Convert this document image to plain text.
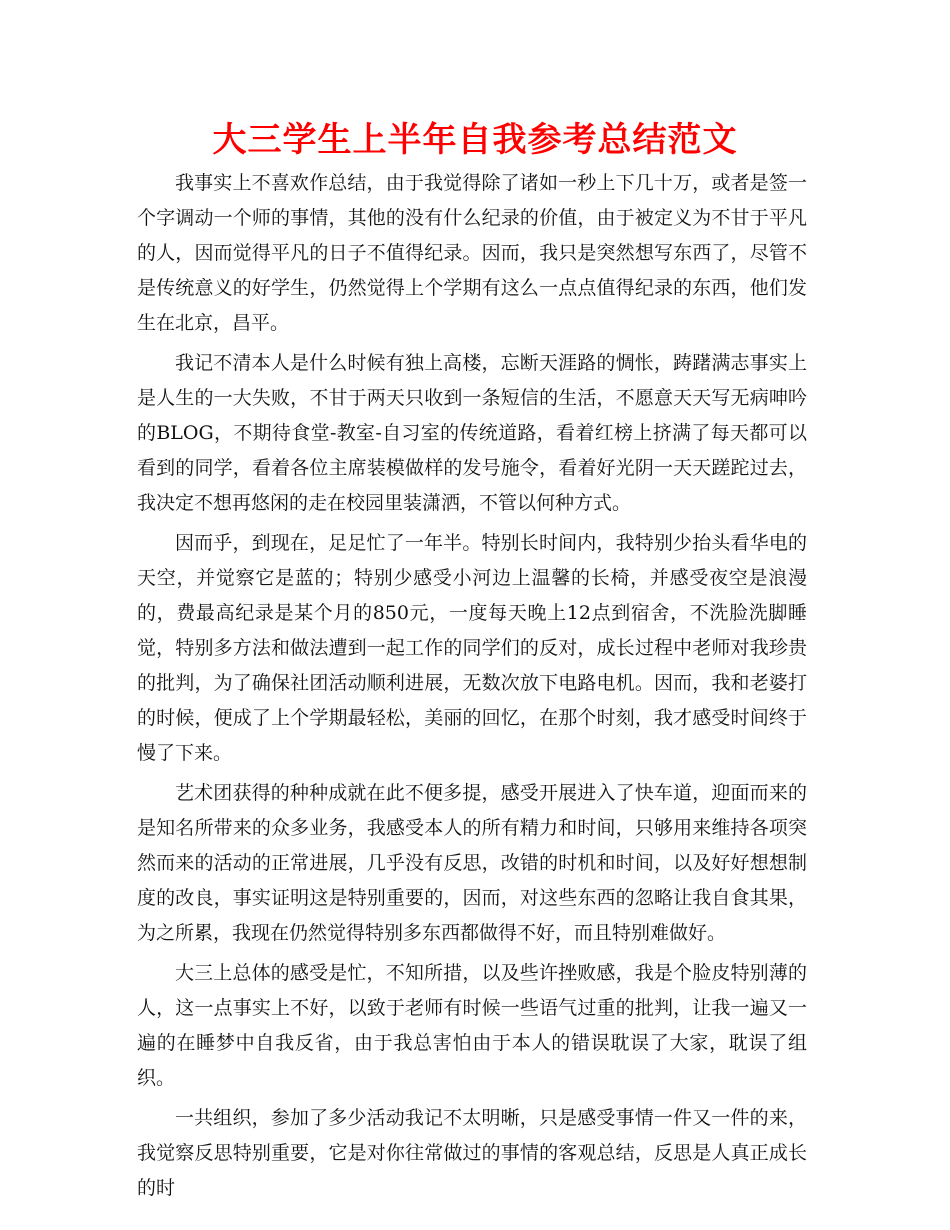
大三学生上半年自我参考总结范文

我事实上不喜欢作总结，由于我觉得除了诸如一秒上下几十万，或者是签一个字调动一个师的事情，其他的没有什么纪录的价值，由于被定义为不甘于平凡的人，因而觉得平凡的日子不值得纪录。因而，我只是突然想写东西了，尽管不是传统意义的好学生，仍然觉得上个学期有这么一点点值得纪录的东西，他们发生在北京，昌平。

我记不清本人是什么时候有独上高楼，忘断天涯路的惆怅，踌躇满志事实上是人生的一大失败，不甘于两天只收到一条短信的生活，不愿意天天写无病呻吟的BLOG，不期待食堂-教室-自习室的传统道路，看着红榜上挤满了每天都可以看到的同学，看着各位主席装模做样的发号施令，看着好光阴一天天蹉跎过去，我决定不想再悠闲的走在校园里装潇洒，不管以何种方式。

因而乎，到现在，足足忙了一年半。特别长时间内，我特别少抬头看华电的天空，并觉察它是蓝的；特别少感受小河边上温馨的长椅，并感受夜空是浪漫的，费最高纪录是某个月的850元，一度每天晚上12点到宿舍，不洗脸洗脚睡觉，特别多方法和做法遭到一起工作的同学们的反对，成长过程中老师对我珍贵的批判，为了确保社团活动顺利进展，无数次放下电路电机。因而，我和老婆打的时候，便成了上个学期最轻松，美丽的回忆，在那个时刻，我才感受时间终于慢了下来。

艺术团获得的种种成就在此不便多提，感受开展进入了快车道，迎面而来的是知名所带来的众多业务，我感受本人的所有精力和时间，只够用来维持各项突然而来的活动的正常进展，几乎没有反思，改错的时机和时间，以及好好想想制度的改良，事实证明这是特别重要的，因而，对这些东西的忽略让我自食其果，为之所累，我现在仍然觉得特别多东西都做得不好，而且特别难做好。

大三上总体的感受是忙，不知所措，以及些许挫败感，我是个脸皮特别薄的人，这一点事实上不好，以致于老师有时候一些语气过重的批判，让我一遍又一遍的在睡梦中自我反省，由于我总害怕由于本人的错误耽误了大家，耽误了组织。

一共组织，参加了多少活动我记不太明晰，只是感受事情一件又一件的来，我觉察反思特别重要，它是对你往常做过的事情的客观总结，反思是人真正成长的时
